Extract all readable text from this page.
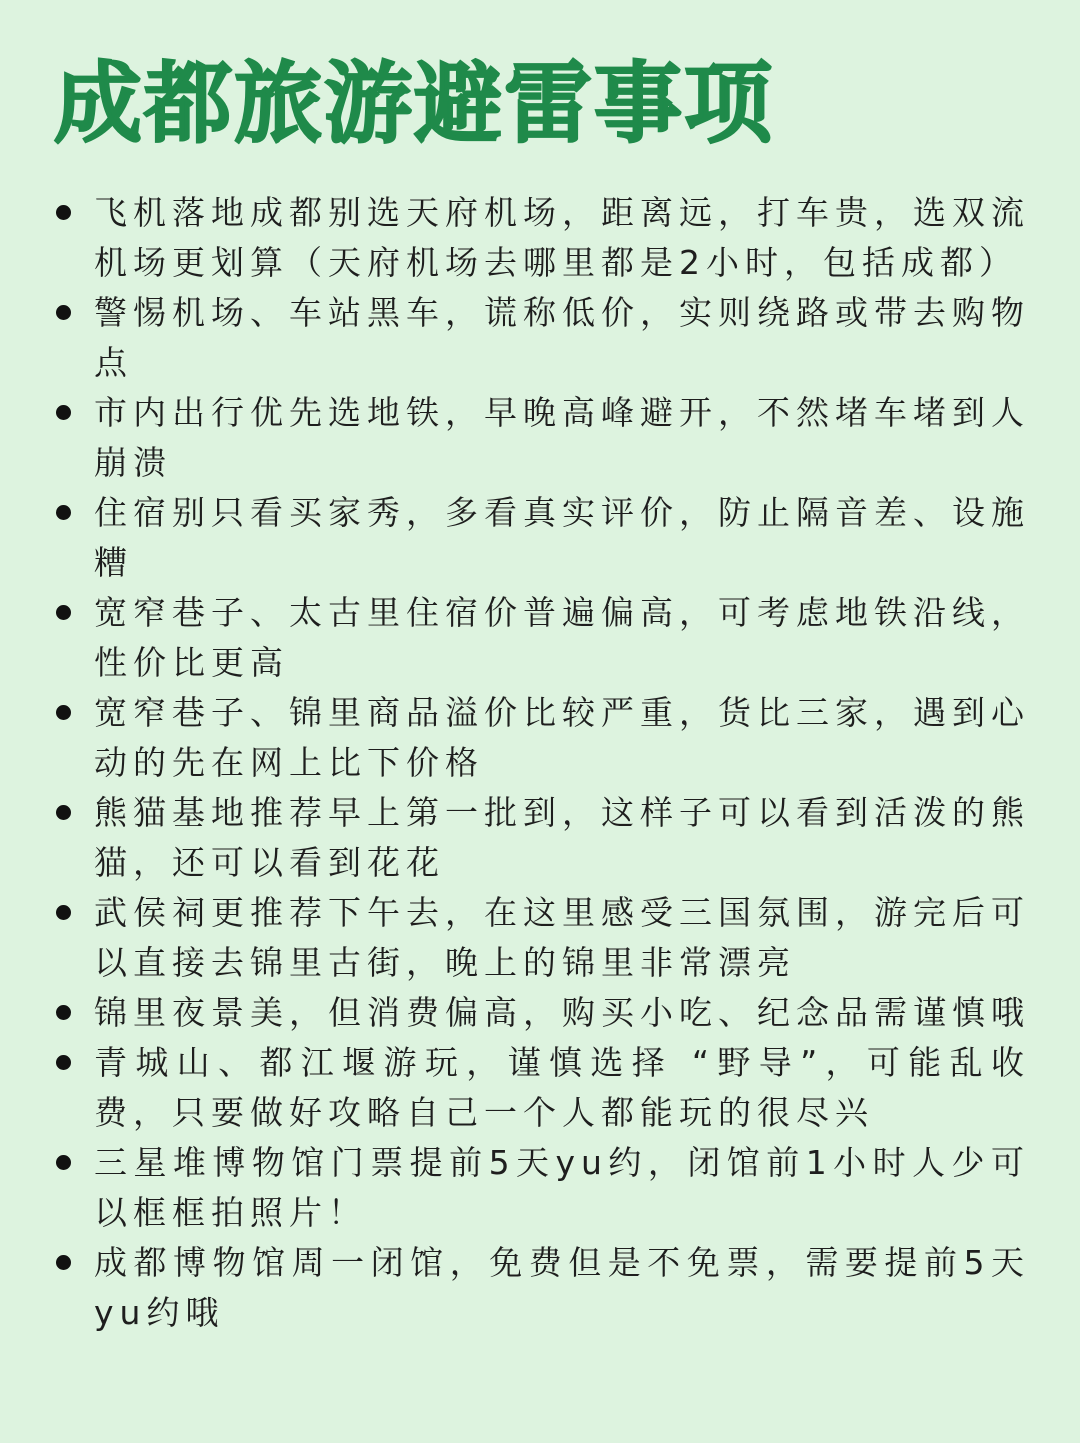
成都旅游避雷事项
飞机落地成都别选天府机场，距离远，打车贵，选双流机场更划算（天府机场去哪里都是2小时，包括成都）
警惕机场、车站黑车，谎称低价，实则绕路或带去购物点
市内出行优先选地铁，早晚高峰避开，不然堵车堵到人崩溃
住宿别只看买家秀，多看真实评价，防止隔音差、设施糟
宽窄巷子、太古里住宿价普遍偏高，可考虑地铁沿线，性价比更高
宽窄巷子、锦里商品溢价比较严重，货比三家，遇到心动的先在网上比下价格
熊猫基地推荐早上第一批到，这样子可以看到活泼的熊猫，还可以看到花花
武侯祠更推荐下午去，在这里感受三国氛围，游完后可以直接去锦里古街，晚上的锦里非常漂亮
锦里夜景美，但消费偏高，购买小吃、纪念品需谨慎哦
青城山、都江堰游玩，谨慎选择 “野导”，可能乱收费，只要做好攻略自己一个人都能玩的很尽兴
三星堆博物馆门票提前5天yu约，闭馆前1小时人少可以框框拍照片！
成都博物馆周一闭馆，免费但是不免票，需要提前5天yu约哦
